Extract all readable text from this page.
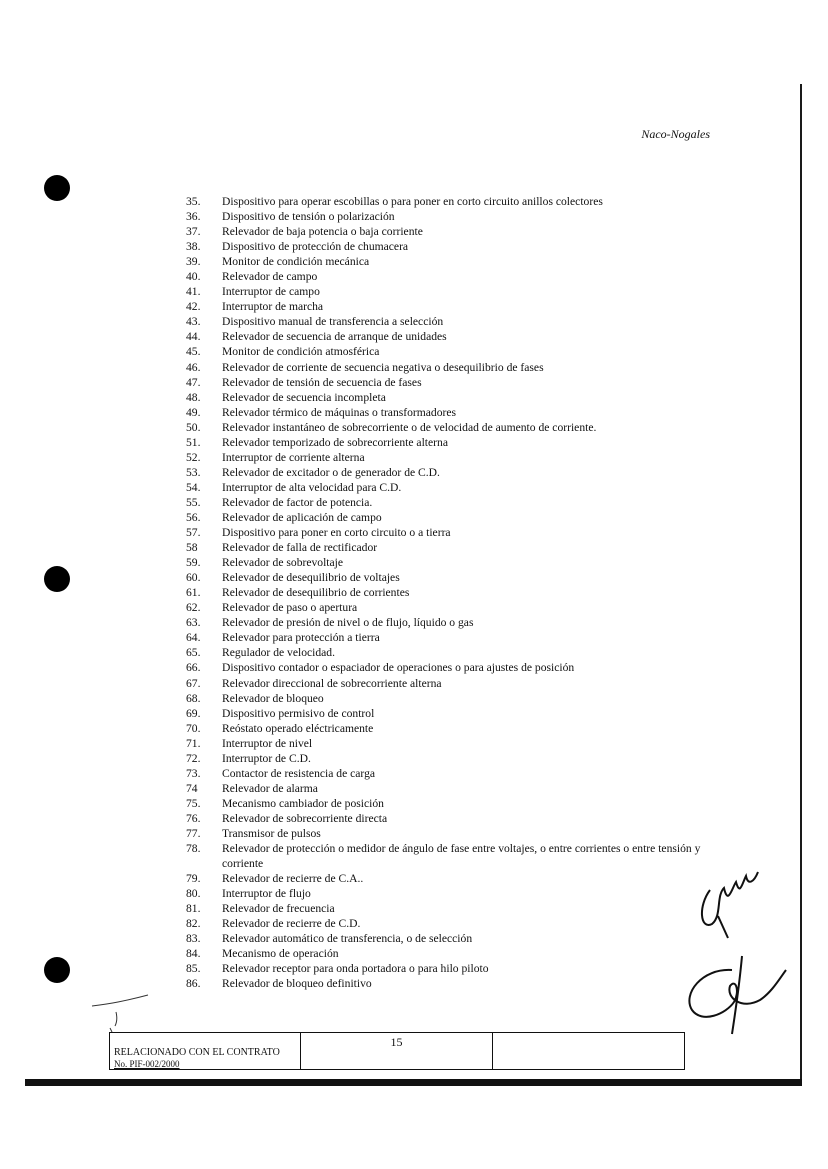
Naco-Nogales
35.	Dispositivo para operar escobillas o para poner en corto circuito anillos colectores
36.	Dispositivo de tensión o polarización
37.	Relevador de baja potencia o baja corriente
38.	Dispositivo de protección de chumacera
39.	Monitor de condición mecánica
40.	Relevador de campo
41.	Interruptor de campo
42.	Interruptor de marcha
43.	Dispositivo manual de transferencia a selección
44.	Relevador de secuencia de arranque de unidades
45.	Monitor de condición atmosférica
46.	Relevador de corriente de secuencia negativa o desequilibrio de fases
47.	Relevador de tensión de secuencia de fases
48.	Relevador de secuencia incompleta
49.	Relevador térmico de máquinas o transformadores
50.	Relevador instantáneo de sobrecorriente o de velocidad de aumento de corriente.
51.	Relevador temporizado de sobrecorriente alterna
52.	Interruptor de corriente alterna
53.	Relevador de excitador o de generador de C.D.
54.	Interruptor de alta velocidad para C.D.
55.	Relevador de factor de potencia.
56.	Relevador de aplicación de campo
57.	Dispositivo para poner en corto circuito o a tierra
58	Relevador de falla de rectificador
59.	Relevador de sobrevoltaje
60.	Relevador de desequilibrio de voltajes
61.	Relevador de desequilibrio de corrientes
62.	Relevador de paso o apertura
63.	Relevador de presión de nivel o de flujo, líquido o gas
64.	Relevador para protección a tierra
65.	Regulador de velocidad.
66.	Dispositivo contador o espaciador de operaciones o para ajustes de posición
67.	Relevador direccional de sobrecorriente alterna
68.	Relevador de bloqueo
69.	Dispositivo permisivo de control
70.	Reóstato operado eléctricamente
71.	Interruptor de nivel
72.	Interruptor de C.D.
73.	Contactor de resistencia de carga
74	Relevador de alarma
75.	Mecanismo cambiador de posición
76.	Relevador de sobrecorriente directa
77.	Transmisor de pulsos
78.	Relevador de protección o medidor de ángulo de fase entre voltajes, o entre corrientes o entre tensión y corriente
79.	Relevador de recierre de C.A..
80.	Interruptor de flujo
81.	Relevador de frecuencia
82.	Relevador de recierre de C.D.
83.	Relevador automático de transferencia, o de selección
84.	Mecanismo de operación
85.	Relevador receptor para onda portadora o para hilo piloto
86.	Relevador de bloqueo definitivo
RELACIONADO CON EL CONTRATO
No. PIF-002/2000
15
